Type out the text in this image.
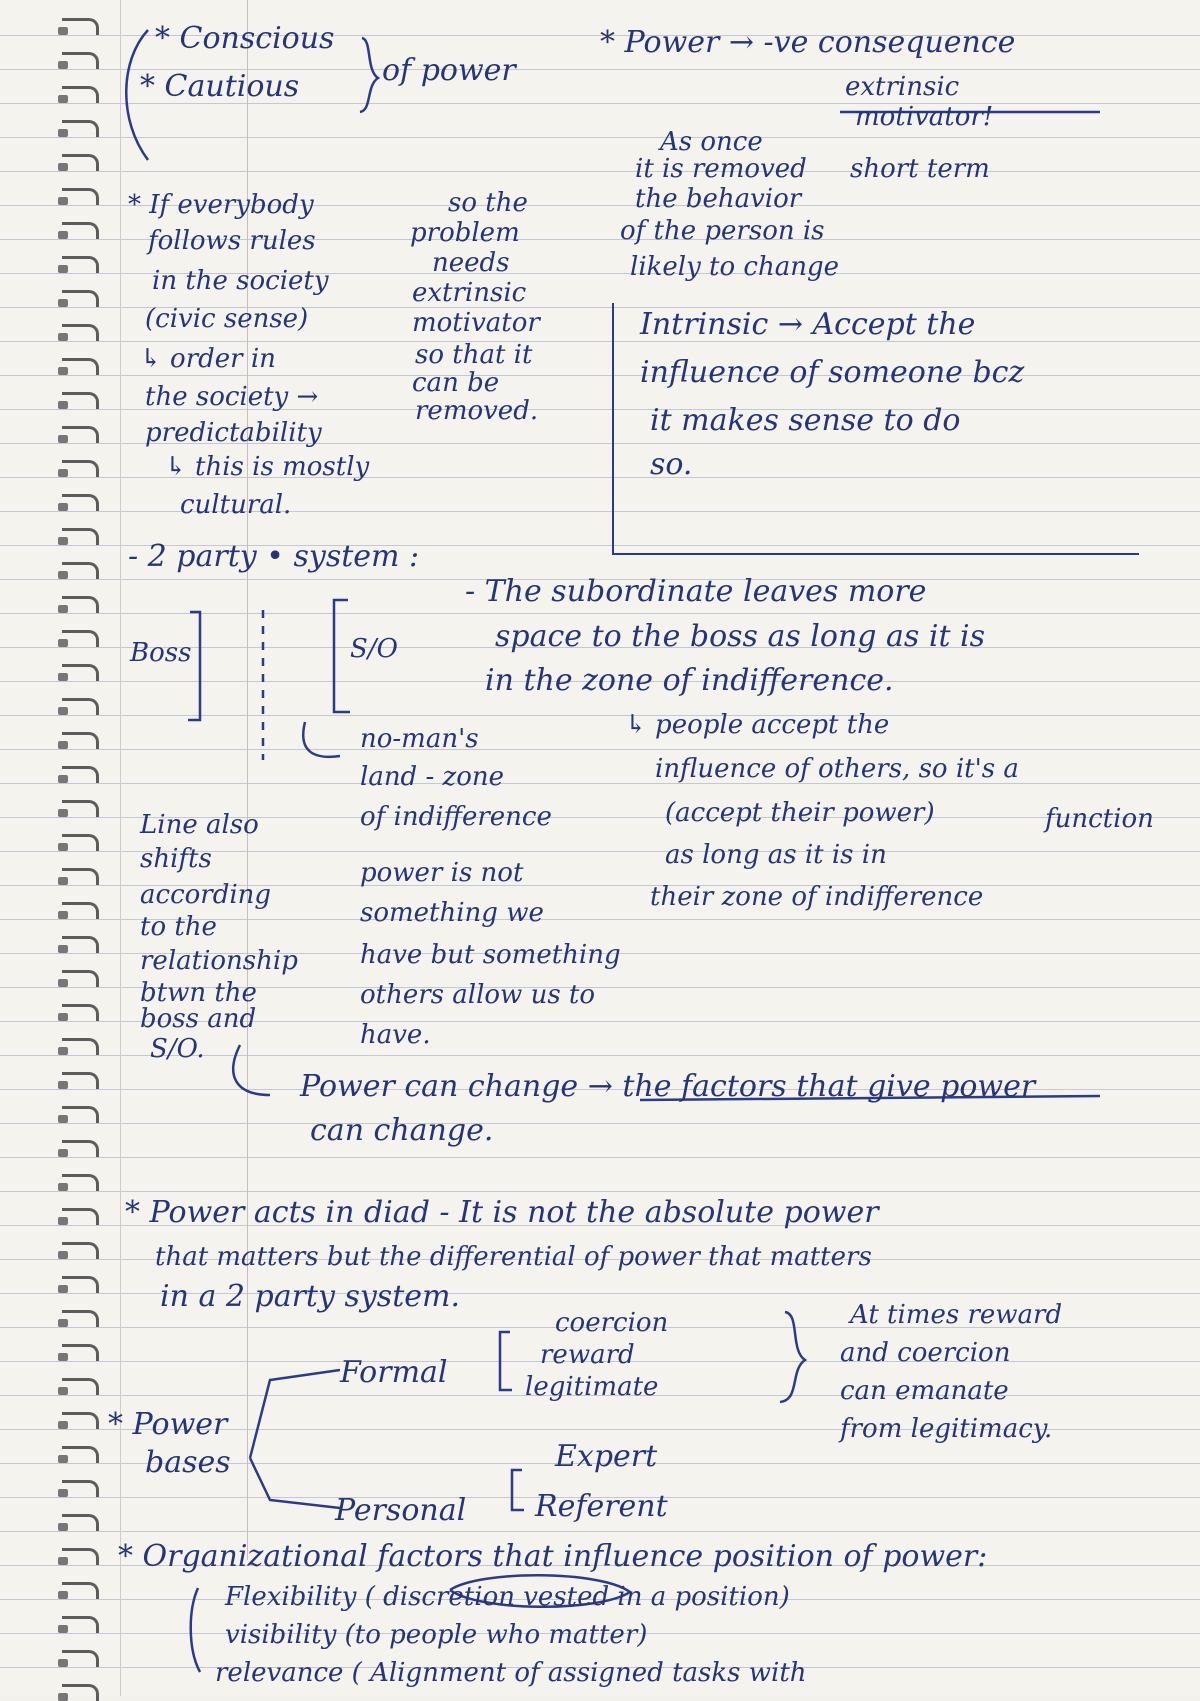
* Conscious
* Cautious	of power
* Power → -ve consequence
extrinsic
motivator!
As once
it is removed short term
the behavior
of the person is
likely to change
* If everybody
follows rules
in the society
(civic sense)
↳ order in
the society →
predictability
↳ this is mostly
cultural.
so the
problem
needs
extrinsic
motivator
so that it
can be
removed.
Intrinsic → Accept the
influence of someone bcz
it makes sense to do
so.
- 2 party • system :
Boss	S/O
- The subordinate leaves more
space to the boss as long as it is
in the zone of indifference.
no-man's
land - zone
of indifference
↳ people accept the
influence of others, so it's a
(accept their power)	function
as long as it is in
their zone of indifference
Line also
shifts
according
to the
relationship
btwn the
boss and
S/O.
power is not
something we
have but something
others allow us to
have.
Power can change → the factors that give power
can change.
* Power acts in diad - It is not the absolute power
that matters but the differential of power that matters
in a 2 party system.
coercion
reward
legitimate
Formal
At times reward
and coercion
can emanate
from legitimacy.
* Power
bases	Expert
Referent
Personal
* Organizational factors that influence position of power:
Flexibility ( discretion vested in a position)
visibility (to people who matter)
relevance ( Alignment of assigned tasks with
